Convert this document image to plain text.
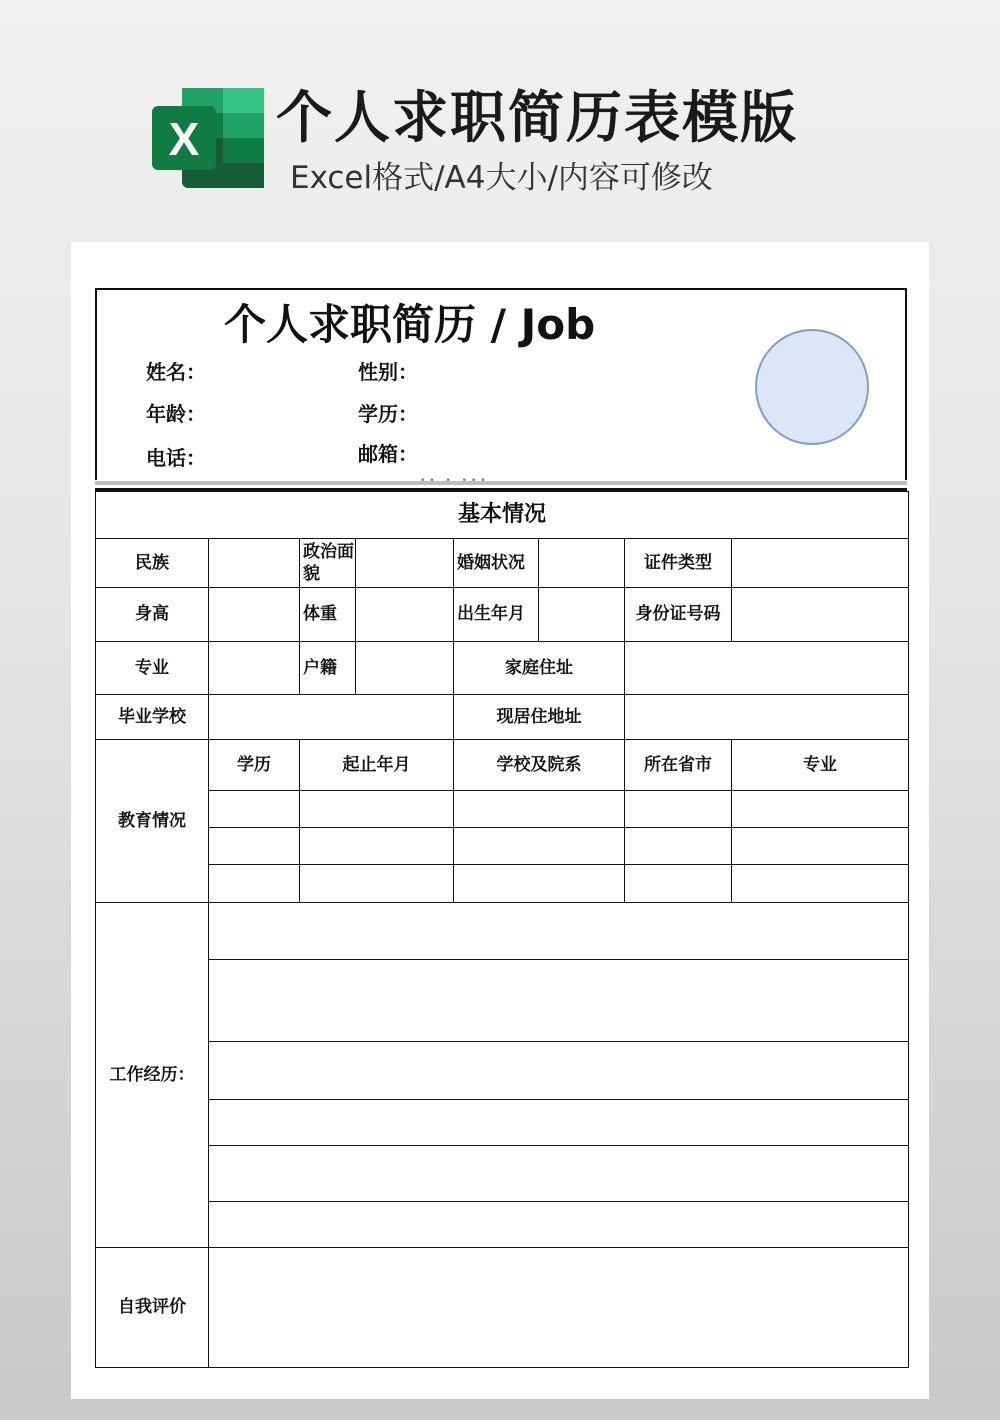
X 个人求职简历表模版
Excel格式/A4大小/内容可修改
个人求职简历 / Job
姓名：	性别：
年龄：	学历：
电话：	邮箱：
•• • •••
基本情况							
民族		政治面貌		婚姻状况		证件类型	
身高		体重		出生年月		身份证号码	
专业		户籍		家庭住址			
毕业学校				现居住地址			
教育情况	学历	起止年月		学校及院系		所在省市	专业

工作经历：							

自我评价							
